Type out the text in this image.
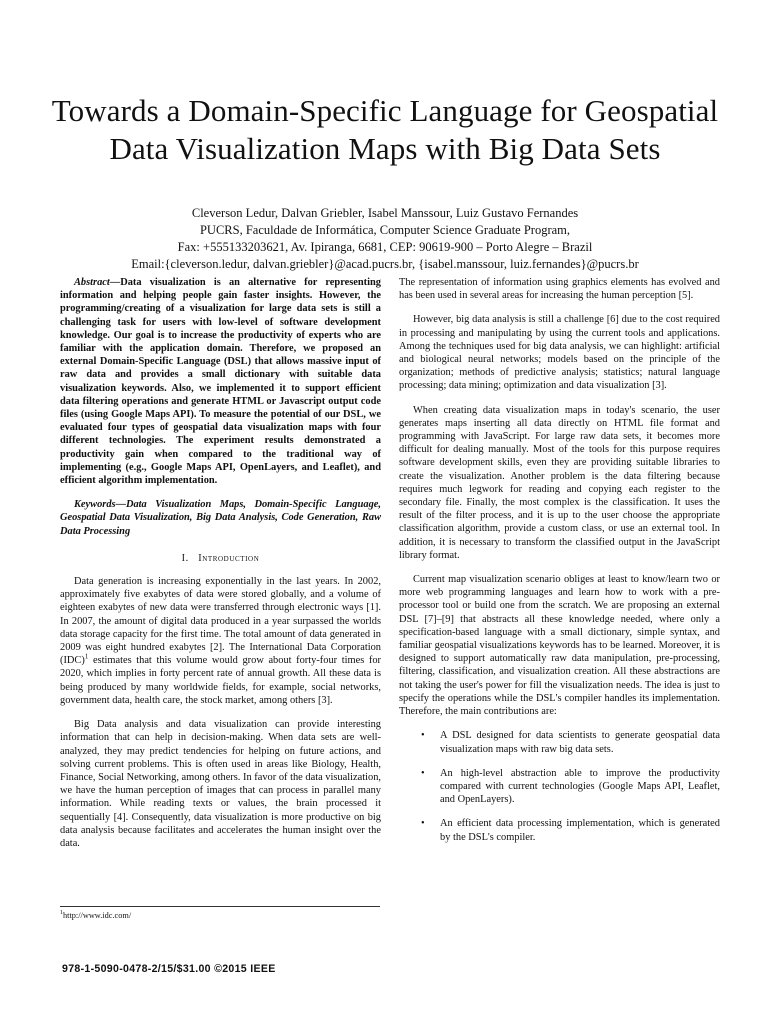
Towards a Domain-Specific Language for Geospatial
Data Visualization Maps with Big Data Sets
Cleverson Ledur, Dalvan Griebler, Isabel Manssour, Luiz Gustavo Fernandes
PUCRS, Faculdade de Informática, Computer Science Graduate Program,
Fax: +555133203621, Av. Ipiranga, 6681, CEP: 90619-900 – Porto Alegre – Brazil
Email:{cleverson.ledur, dalvan.griebler}@acad.pucrs.br, {isabel.manssour, luiz.fernandes}@pucrs.br

Abstract—Data visualization is an alternative for representing information and helping people gain faster insights. However, the programming/creating of a visualization for large data sets is still a challenging task for users with low-level of software development knowledge. Our goal is to increase the productivity of experts who are familiar with the application domain. Therefore, we proposed an external Domain-Specific Language (DSL) that allows massive input of raw data and provides a small dictionary with suitable data visualization keywords. Also, we implemented it to support efficient data filtering operations and generate HTML or Javascript output code files (using Google Maps API). To measure the potential of our DSL, we evaluated four types of geospatial data visualization maps with four different technologies. The experiment results demonstrated a productivity gain when compared to the traditional way of implementing (e.g., Google Maps API, OpenLayers, and Leaflet), and efficient algorithm implementation.

Keywords—Data Visualization Maps, Domain-Specific Language, Geospatial Data Visualization, Big Data Analysis, Code Generation, Raw Data Processing

I. Introduction

Data generation is increasing exponentially in the last years. In 2002, approximately five exabytes of data were stored globally, and a volume of eighteen exabytes of new data were transferred through electronic ways [1]. In 2007, the amount of digital data produced in a year surpassed the worlds data storage capacity for the first time. The total amount of data generated in 2009 was eight hundred exabytes [2]. The International Data Corporation (IDC)$^1$ estimates that this volume would grow about forty-four times for 2020, which implies in forty percent rate of annual growth. All these data is being produced by many worldwide fields, for example, social networks, government data, health care, the stock market, among others [3].

Big Data analysis and data visualization can provide interesting information that can help in decision-making. When data sets are well-analyzed, they may predict tendencies for helping on future actions, and solving current problems. This is often used in areas like Biology, Health, Finance, Social Networking, among others. In favor of the data visualization, we have the human perception of images that can process in parallel many information. While reading texts or values, the brain processed it sequentially [4]. Consequently, data visualization is more productive on big data analysis because facilitates and accelerates the human insight over the data.

The representation of information using graphics elements has evolved and has been used in several areas for increasing the human perception [5].

However, big data analysis is still a challenge [6] due to the cost required in processing and manipulating by using the current tools and applications. Among the techniques used for big data analysis, we can highlight: artificial and biological neural networks; models based on the principle of the organization; methods of predictive analysis; statistics; natural language processing; data mining; optimization and data visualization [3].

When creating data visualization maps in today's scenario, the user generates maps inserting all data directly on HTML file format and programming with JavaScript. For large raw data sets, it becomes more difficult for dealing manually. Most of the tools for this purpose requires software development skills, even they are providing suitable libraries to create the visualization. Another problem is the data filtering because requires much legwork for reading and copying each register to the secondary file. Finally, the most complex is the classification. It uses the result of the filter process, and it is up to the user choose the appropriate classification algorithm, provide a custom class, or use an external tool. In addition, it is necessary to transform the classified output in the JavaScript library format.

Current map visualization scenario obliges at least to know/learn two or more web programming languages and learn how to work with a pre-processor tool or build one from the scratch. We are proposing an external DSL [7]–[9] that abstracts all these knowledge needed, where only a specification-based language with a small dictionary, simple syntax, and familiar geospatial visualizations keywords has to be learned. Moreover, it is designed to support automatically raw data manipulation, pre-processing, filtering, classification, and visualization creation. All these abstractions are not taking the user's power for fill the visualization needs. The idea is just to specify the operations while the DSL's compiler handles its implementation. Therefore, the main contributions are:

• A DSL designed for data scientists to generate geospatial data visualization maps with raw big data sets.
• An high-level abstraction able to improve the productivity compared with current technologies (Google Maps API, Leaflet, and OpenLayers).
• An efficient data processing implementation, which is generated by the DSL's compiler.
$^1$http://www.idc.com/
978-1-5090-0478-2/15/$31.00 ©2015 IEEE
